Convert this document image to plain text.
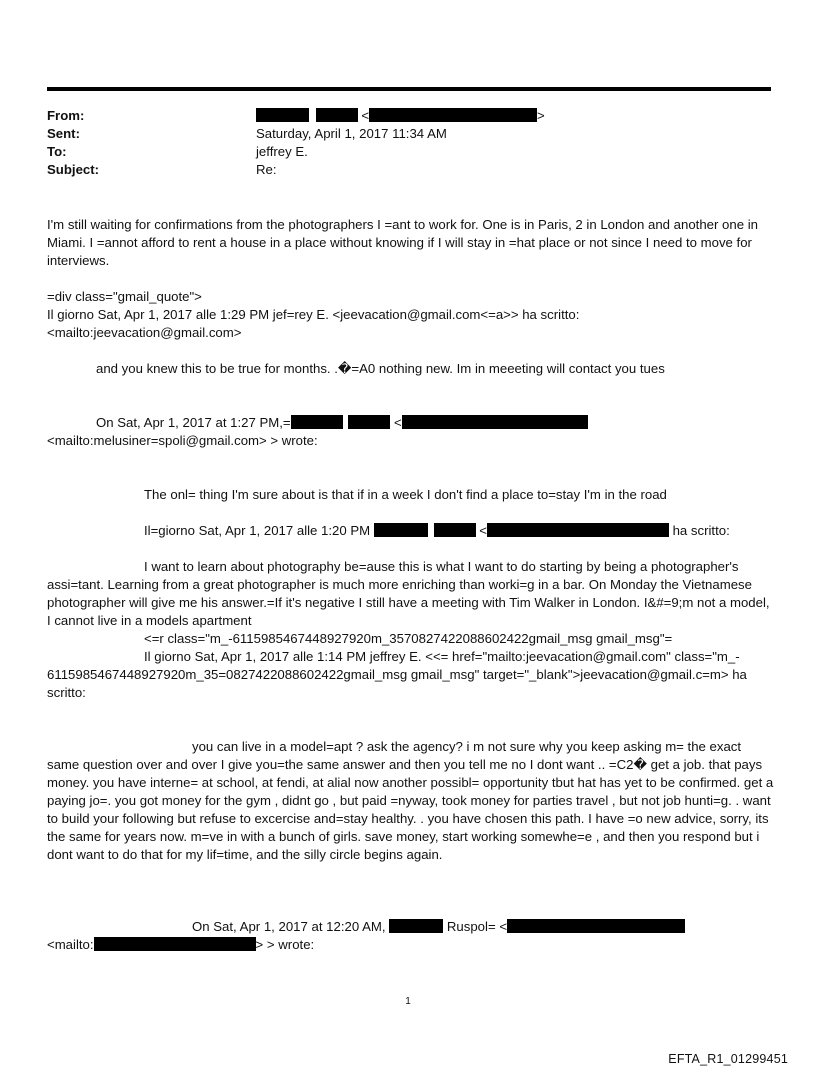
From:	<	>
Sent:	Saturday, April 1, 2017 11:34 AM
To:	jeffrey E.
Subject:	Re:
I'm still waiting for confirmations from the photographers I =ant to work for. One is in Paris, 2 in London and another one in Miami. I =annot afford to rent a house in a place without knowing if I will stay in =hat place or not since I need to move for interviews.
=div class="gmail_quote">
Il giorno Sat, Apr 1, 2017 alle 1:29 PM jef=rey E. <jeevacation@gmail.com<=a>> ha scritto:
<mailto:jeevacation@gmail.com>
and you knew this to be true for months. .�=A0 nothing new. Im in meeeting will contact you tues
On Sat, Apr 1, 2017 at 1:27 PM,=	<
<mailto:melusiner=spoli@gmail.com> > wrote:
The onl= thing I'm sure about is that if in a week I don't find a place to=stay I'm in the road
Il=giorno Sat, Apr 1, 2017 alle 1:20 PM	<	ha scritto:
I want to learn about photography be=ause this is what I want to do starting by being a photographer's
assi=tant. Learning from a great photographer is much more enriching than worki=g in a bar. On Monday the Vietnamese photographer will give me his answer.=If it's negative I still have a meeting with Tim Walker in London. I&#=9;m not a model, I cannot live in a models apartment
<=r class="m_-6115985467448927920m_3570827422088602422gmail_msg gmail_msg"=
Il giorno Sat, Apr 1, 2017 alle 1:14 PM jeffrey E. <<= href="mailto:jeevacation@gmail.com" class="m_-
6115985467448927920m_35=0827422088602422gmail_msg gmail_msg" target="_blank">jeevacation@gmail.c=m> ha scritto:
you can live in a model=apt ? ask the agency? i m not sure why you keep asking m= the exact
same question over and over I give you=the same answer and then you tell me no I dont want .. =C2� get a job. that pays money. you have interne= at school, at fendi, at alial now another possibl= opportunity tbut hat has yet to be confirmed. get a paying jo=. you got money for the gym , didnt go , but paid =nyway, took money for parties travel , but not job hunti=g. . want to build your following but refuse to excercise and=stay healthy. . you have chosen this path. I have =o new advice, sorry, its the same for years now. m=ve in with a bunch of girls. save money, start working somewhe=e , and then you respond but i dont want to do that for my lif=time, and the silly circle begins again.
On Sat, Apr 1, 2017 at 12:20 AM,	Ruspol= <
<mailto:	> > wrote:
1
EFTA_R1_01299451
